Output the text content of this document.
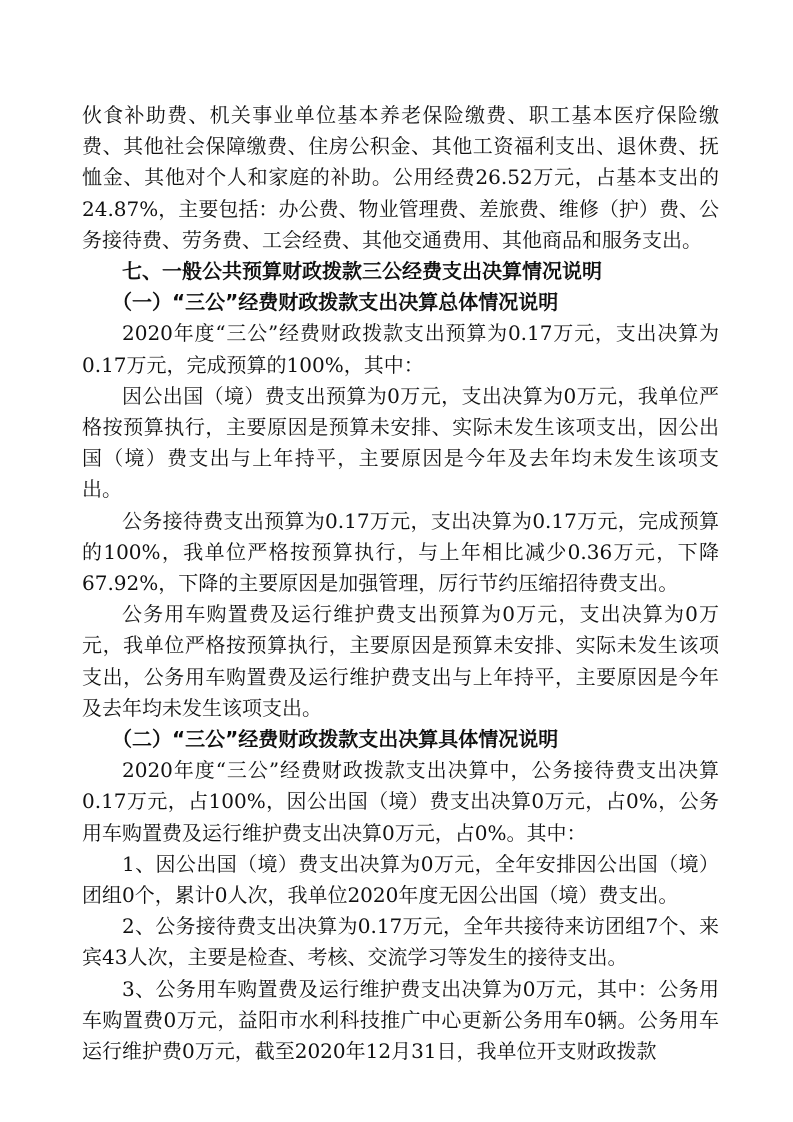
伙食补助费、机关事业单位基本养老保险缴费、职工基本医疗保险缴费、其他社会保障缴费、住房公积金、其他工资福利支出、退休费、抚恤金、其他对个人和家庭的补助。公用经费26.52万元，占基本支出的24.87%，主要包括：办公费、物业管理费、差旅费、维修（护）费、公务接待费、劳务费、工会经费、其他交通费用、其他商品和服务支出。

七、一般公共预算财政拨款三公经费支出决算情况说明

（一）“三公”经费财政拨款支出决算总体情况说明

2020年度“三公”经费财政拨款支出预算为0.17万元，支出决算为0.17万元，完成预算的100%，其中：

因公出国（境）费支出预算为0万元，支出决算为0万元，我单位严格按预算执行，主要原因是预算未安排、实际未发生该项支出，因公出国（境）费支出与上年持平，主要原因是今年及去年均未发生该项支出。

公务接待费支出预算为0.17万元，支出决算为0.17万元，完成预算的100%，我单位严格按预算执行，与上年相比减少0.36万元，下降67.92%，下降的主要原因是加强管理，厉行节约压缩招待费支出。

公务用车购置费及运行维护费支出预算为0万元，支出决算为0万元，我单位严格按预算执行，主要原因是预算未安排、实际未发生该项支出，公务用车购置费及运行维护费支出与上年持平，主要原因是今年及去年均未发生该项支出。

（二）“三公”经费财政拨款支出决算具体情况说明

2020年度“三公”经费财政拨款支出决算中，公务接待费支出决算0.17万元，占100%，因公出国（境）费支出决算0万元，占0%，公务用车购置费及运行维护费支出决算0万元，占0%。其中：

1、因公出国（境）费支出决算为0万元，全年安排因公出国（境）团组0个，累计0人次，我单位2020年度无因公出国（境）费支出。

2、公务接待费支出决算为0.17万元，全年共接待来访团组7个、来宾43人次，主要是检查、考核、交流学习等发生的接待支出。

3、公务用车购置费及运行维护费支出决算为0万元，其中：公务用车购置费0万元，益阳市水利科技推广中心更新公务用车0辆。公务用车运行维护费0万元，截至2020年12月31日，我单位开支财政拨款
